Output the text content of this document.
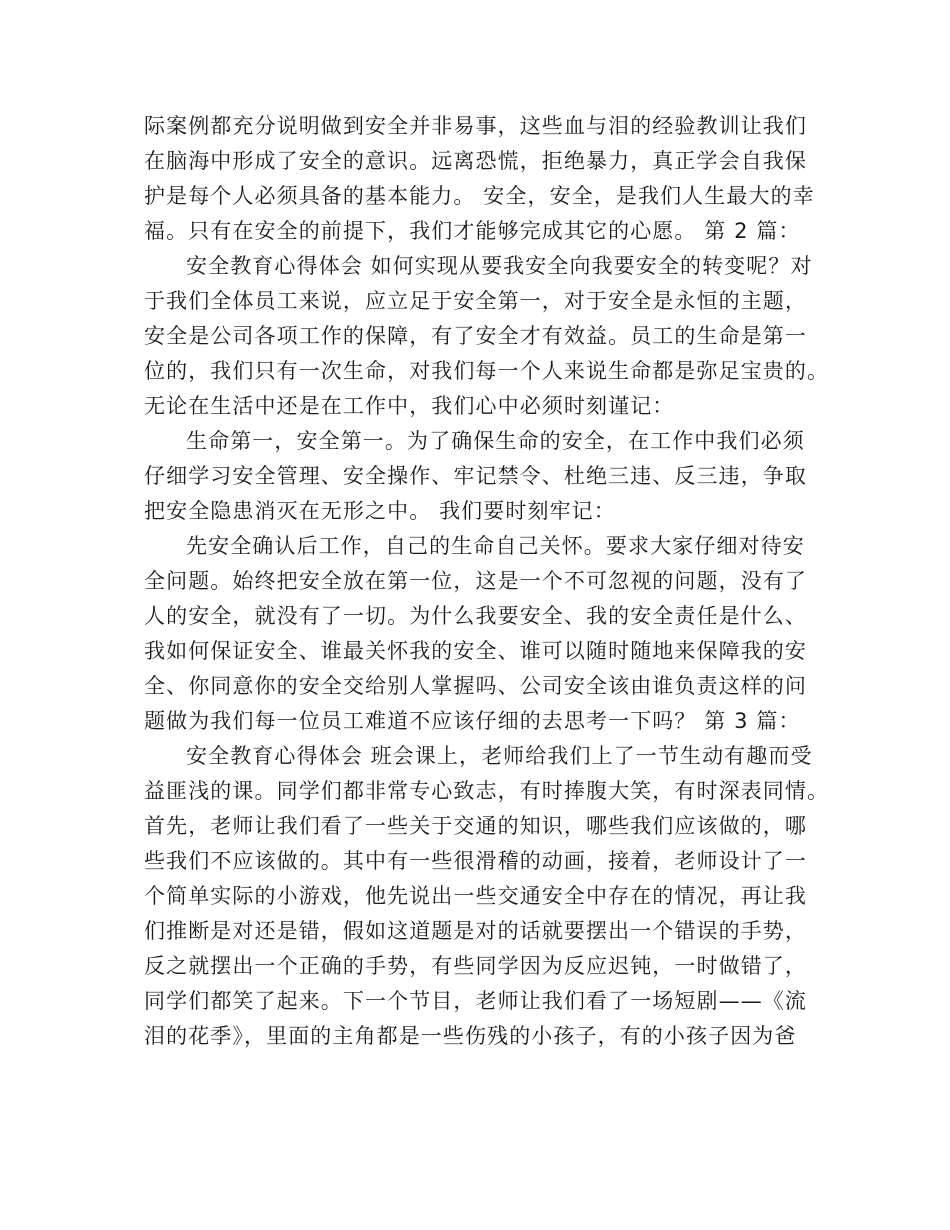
际案例都充分说明做到安全并非易事，这些血与泪的经验教训让我们
在脑海中形成了安全的意识。远离恐慌，拒绝暴力，真正学会自我保
护是每个人必须具备的基本能力。 安全，安全，是我们人生最大的幸
福。只有在安全的前提下，我们才能够完成其它的心愿。 第 2 篇：
安全教育心得体会 如何实现从要我安全向我要安全的转变呢？对
于我们全体员工来说，应立足于安全第一，对于安全是永恒的主题，
安全是公司各项工作的保障，有了安全才有效益。员工的生命是第一
位的，我们只有一次生命，对我们每一个人来说生命都是弥足宝贵的。
无论在生活中还是在工作中，我们心中必须时刻谨记：
生命第一，安全第一。为了确保生命的安全，在工作中我们必须
仔细学习安全管理、安全操作、牢记禁令、杜绝三违、反三违，争取
把安全隐患消灭在无形之中。 我们要时刻牢记：
先安全确认后工作，自己的生命自己关怀。要求大家仔细对待安
全问题。始终把安全放在第一位，这是一个不可忽视的问题，没有了
人的安全，就没有了一切。为什么我要安全、我的安全责任是什么、
我如何保证安全、谁最关怀我的安全、谁可以随时随地来保障我的安
全、你同意你的安全交给别人掌握吗、公司安全该由谁负责这样的问
题做为我们每一位员工难道不应该仔细的去思考一下吗？ 第 3 篇：
安全教育心得体会 班会课上，老师给我们上了一节生动有趣而受
益匪浅的课。同学们都非常专心致志，有时捧腹大笑，有时深表同情。
首先，老师让我们看了一些关于交通的知识，哪些我们应该做的，哪
些我们不应该做的。其中有一些很滑稽的动画，接着，老师设计了一
个简单实际的小游戏，他先说出一些交通安全中存在的情况，再让我
们推断是对还是错，假如这道题是对的话就要摆出一个错误的手势，
反之就摆出一个正确的手势，有些同学因为反应迟钝，一时做错了，
同学们都笑了起来。下一个节目，老师让我们看了一场短剧——《流
泪的花季》，里面的主角都是一些伤残的小孩子，有的小孩子因为爸
